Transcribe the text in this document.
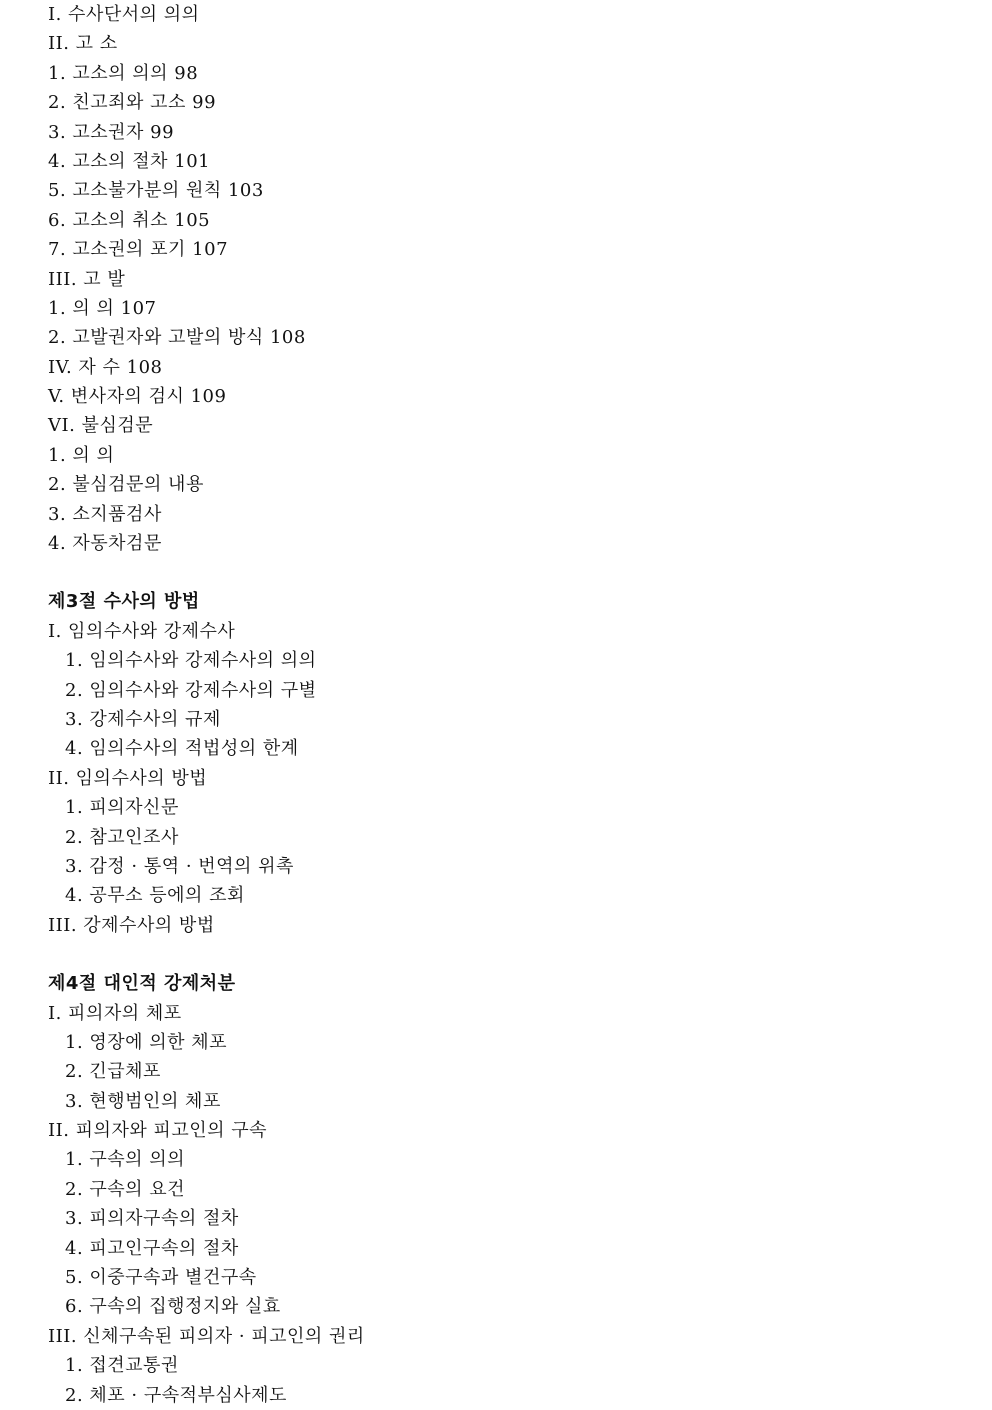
I. 수사단서의 의의
II. 고 소
1. 고소의 의의 98
2. 친고죄와 고소 99
3. 고소권자 99
4. 고소의 절차 101
5. 고소불가분의 원칙 103
6. 고소의 취소 105
7. 고소권의 포기 107
III. 고 발
1. 의 의 107
2. 고발권자와 고발의 방식 108
IV. 자 수 108
V. 변사자의 검시 109
VI. 불심검문
1. 의 의
2. 불심검문의 내용
3. 소지품검사
4. 자동차검문
제3절 수사의 방법
I. 임의수사와 강제수사
1. 임의수사와 강제수사의 의의
2. 임의수사와 강제수사의 구별
3. 강제수사의 규제
4. 임의수사의 적법성의 한계
II. 임의수사의 방법
1. 피의자신문
2. 참고인조사
3. 감정 · 통역 · 번역의 위촉
4. 공무소 등에의 조회
III. 강제수사의 방법
제4절 대인적 강제처분
I. 피의자의 체포
1. 영장에 의한 체포
2. 긴급체포
3. 현행범인의 체포
II. 피의자와 피고인의 구속
1. 구속의 의의
2. 구속의 요건
3. 피의자구속의 절차
4. 피고인구속의 절차
5. 이중구속과 별건구속
6. 구속의 집행정지와 실효
III. 신체구속된 피의자 · 피고인의 권리
1. 접견교통권
2. 체포 · 구속적부심사제도
